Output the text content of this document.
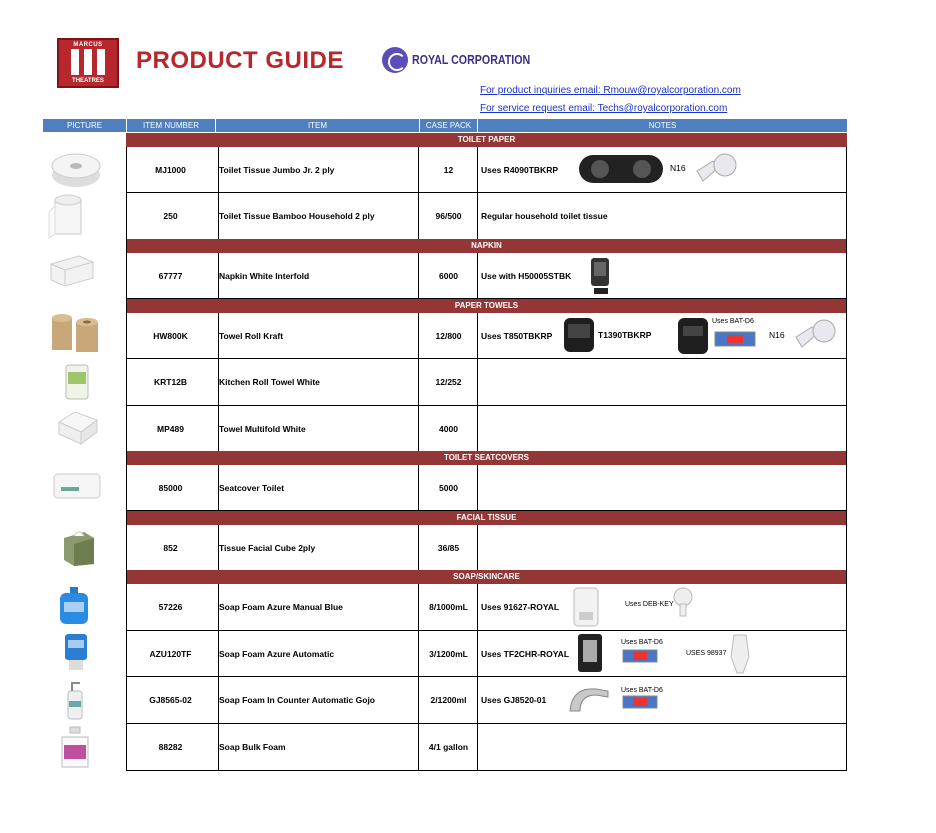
MARCUS
THEATRES
PRODUCT GUIDE	ROYAL CORPORATION
For product inquiries email: Rmouw@royalcorporation.com
For service request email: Techs@royalcorporation.com
PICTURE	ITEM NUMBER	ITEM	CASE PACK	NOTES
TOILET PAPER
MJ1000	Toilet Tissue Jumbo Jr. 2 ply	12	Uses R4090TBKRP	N16
250	Toilet Tissue Bamboo Household 2 ply	96/500	Regular household toilet tissue
NAPKIN
67777	Napkin White Interfold	6000	Use with H50005STBK
PAPER TOWELS
HW800K	Towel Roll Kraft	12/800	Uses T850TBKRP	T1390TBKRP
Uses BAT-D6
N16
KRT12B	Kitchen Roll Towel White	12/252
MP489	Towel Multifold White	4000
TOILET SEATCOVERS
85000	Seatcover Toilet	5000
FACIAL TISSUE
852	Tissue Facial Cube 2ply	36/85
SOAP/SKINCARE
57226	Soap Foam Azure Manual Blue	8/1000mL	Uses 91627-ROYAL	Uses DEB-KEY
AZU120TF	Soap Foam Azure Automatic	3/1200mL	Uses TF2CHR-ROYAL
Uses BAT-D6
USES 98937
GJ8565-02	Soap Foam In Counter Automatic Gojo	2/1200ml	Uses GJ8520-01
Uses BAT-D6
88282	Soap Bulk Foam	4/1 gallon
